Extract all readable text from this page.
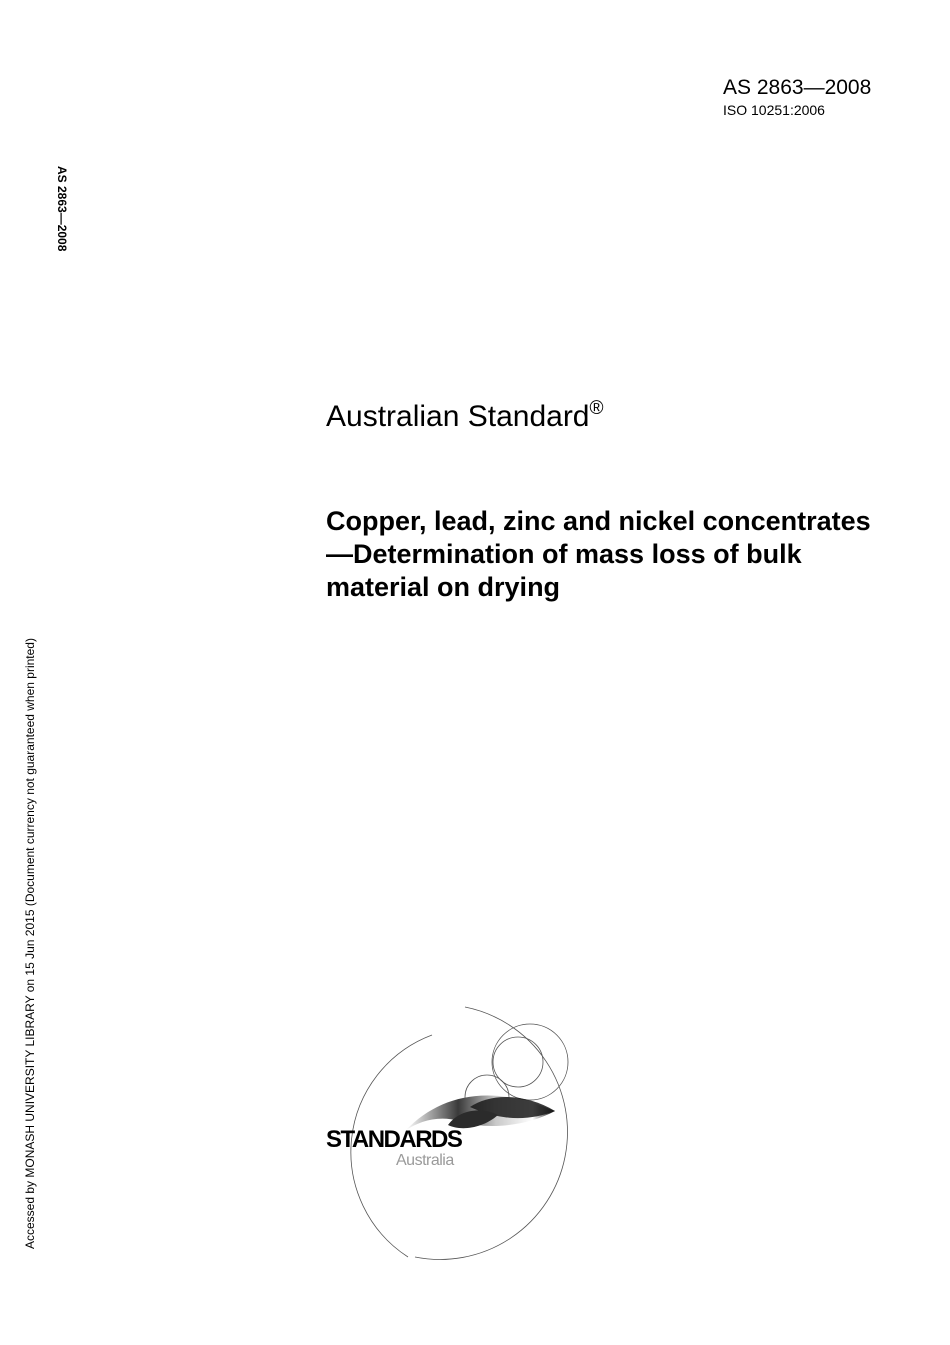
AS 2863—2008
ISO 10251:2006
AS 2863—2008
Accessed by MONASH UNIVERSITY LIBRARY on 15 Jun 2015 (Document currency not guaranteed when printed)
Australian Standard®
Copper, lead, zinc and nickel concentrates—Determination of mass loss of bulk material on drying
STANDARDS
Australia
